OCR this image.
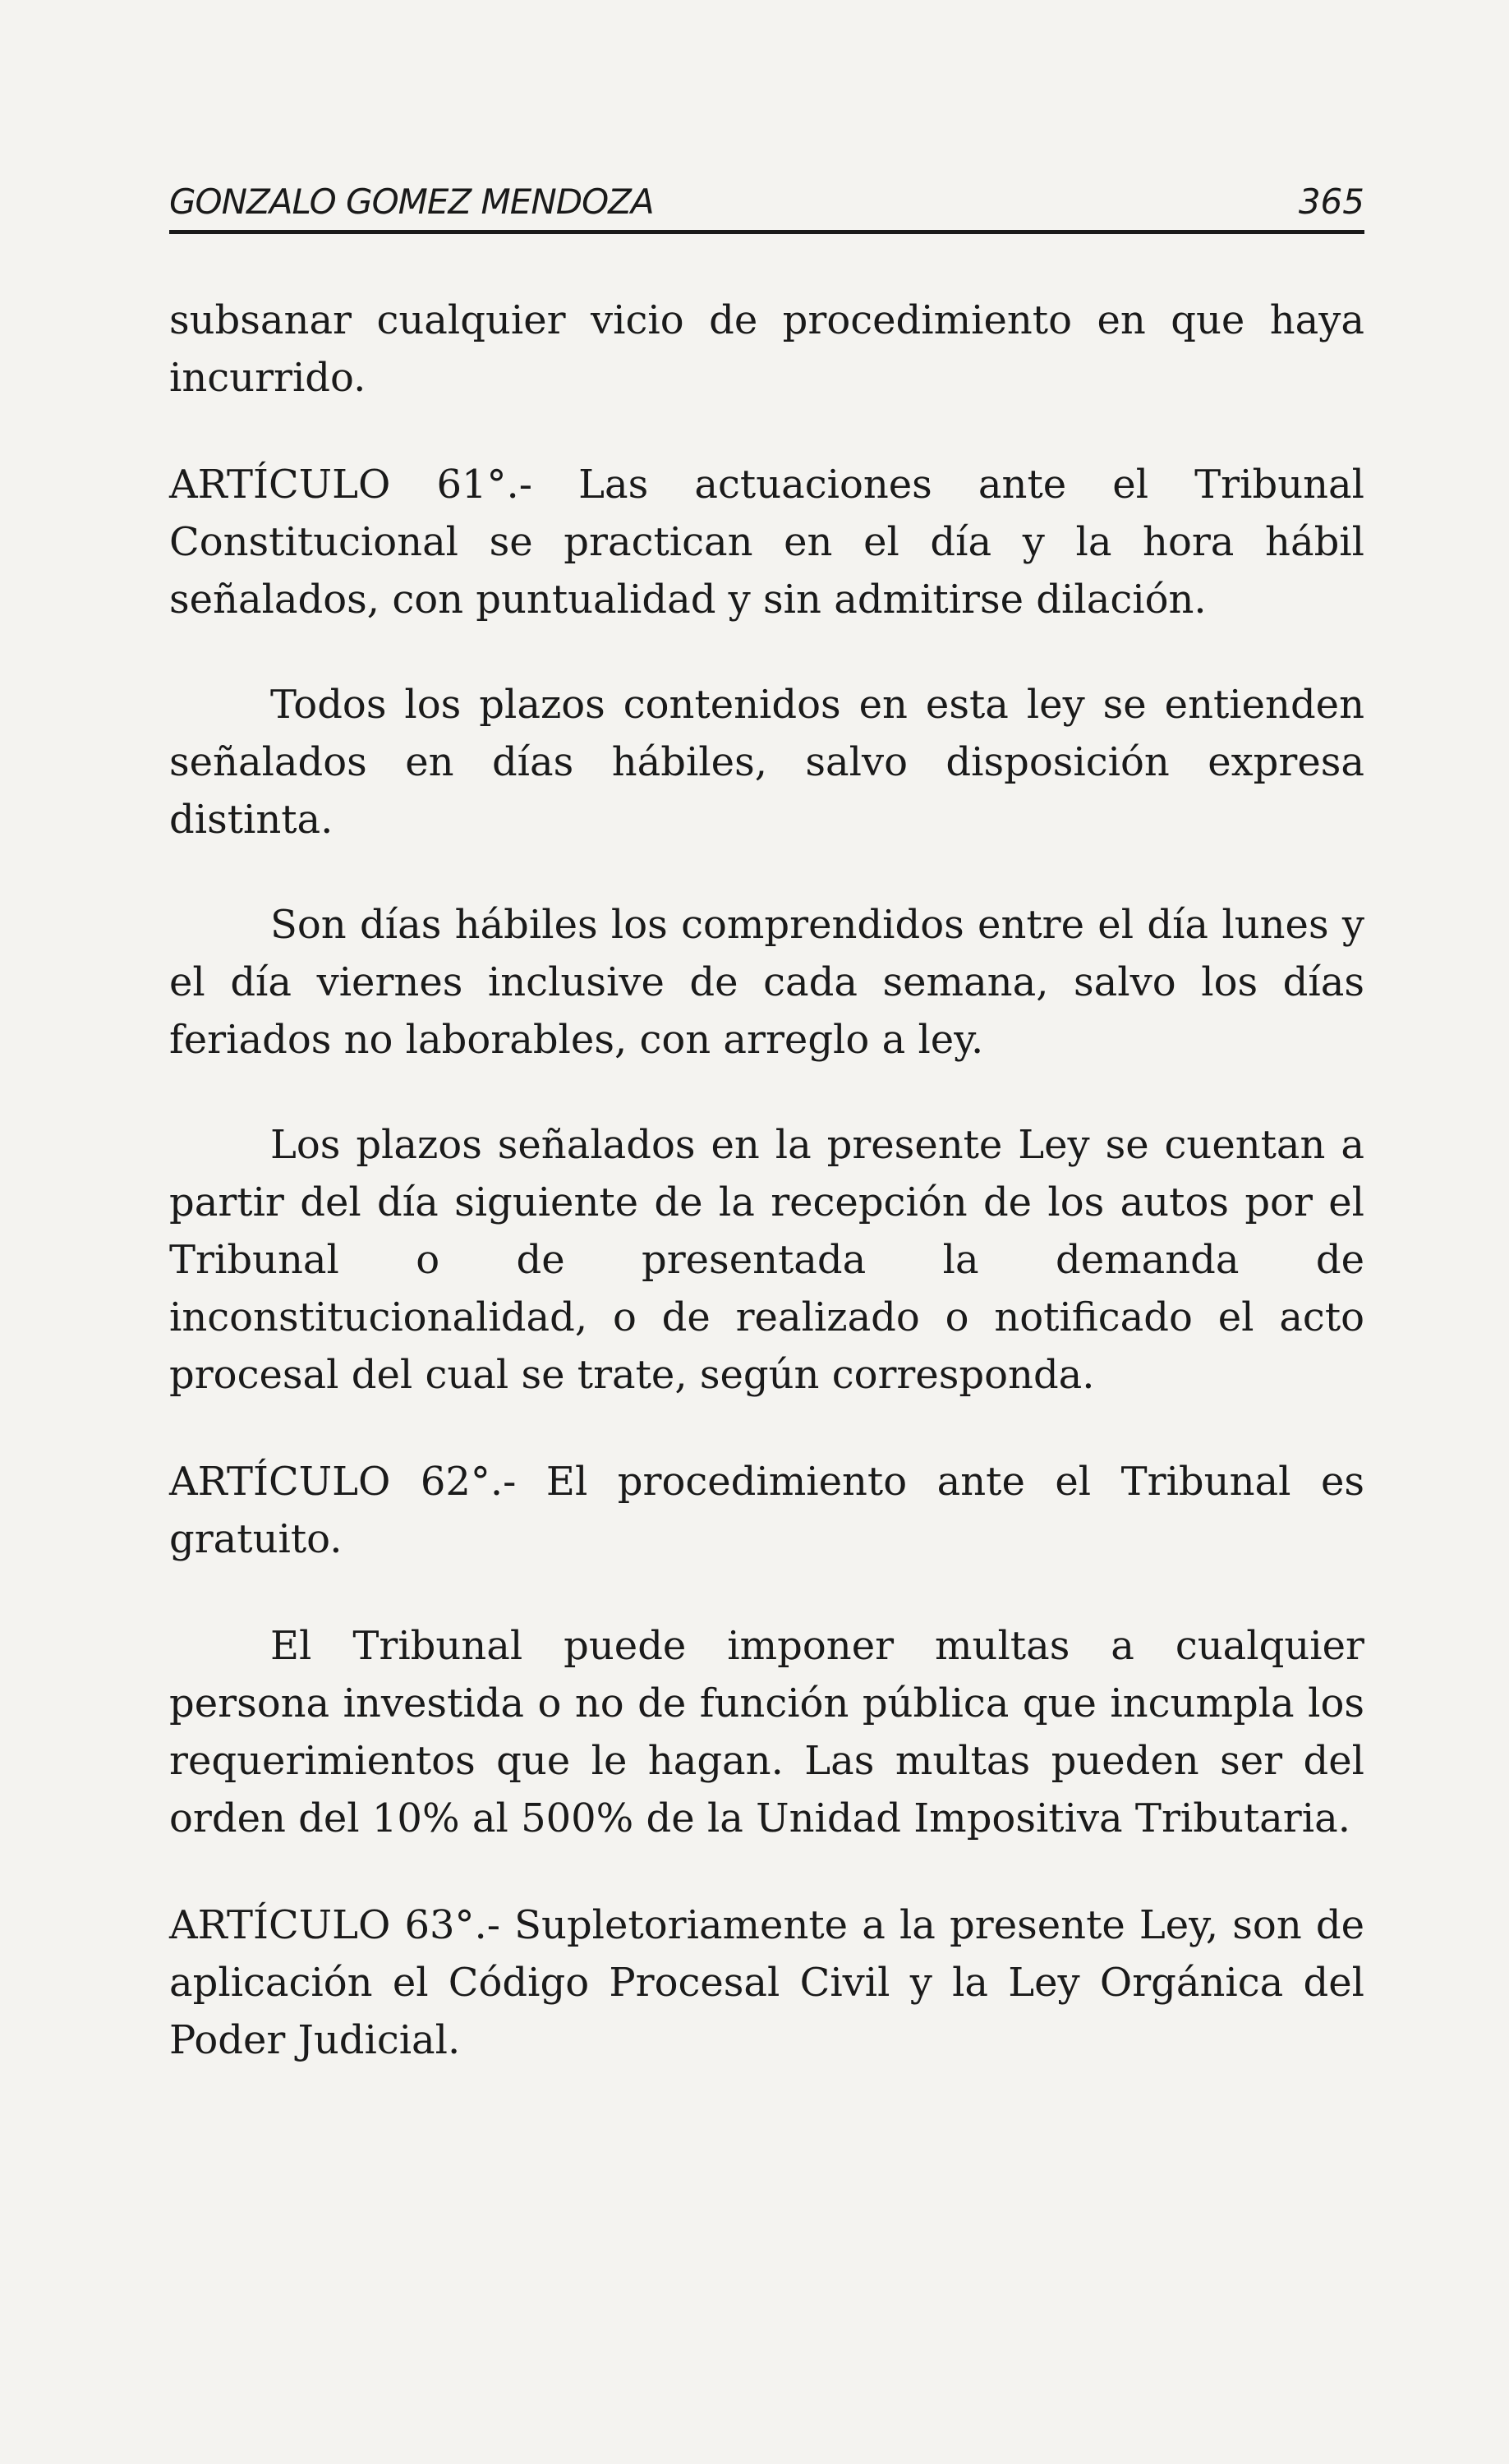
GONZALO GOMEZ MENDOZA	365

subsanar cualquier vicio de procedimiento en que haya incurrido.

ARTÍCULO 61°.- Las actuaciones ante el Tribunal Constitucional se practican en el día y la hora hábil señalados, con puntualidad y sin admitirse dilación.

Todos los plazos contenidos en esta ley se entienden señalados en días hábiles, salvo disposición expresa distinta.

Son días hábiles los comprendidos entre el día lunes y el día viernes inclusive de cada semana, salvo los días feriados no laborables, con arreglo a ley.

Los plazos señalados en la presente Ley se cuentan a partir del día siguiente de la recepción de los autos por el Tribunal o de presentada la demanda de inconstitucionalidad, o de realizado o notificado el acto procesal del cual se trate, según corresponda.

ARTÍCULO 62°.- El procedimiento ante el Tribunal es gratuito.

El Tribunal puede imponer multas a cualquier persona investida o no de función pública que incumpla los requerimientos que le hagan. Las multas pueden ser del orden del 10% al 500% de la Unidad Impositiva Tributaria.

ARTÍCULO 63°.- Supletoriamente a la presente Ley, son de aplicación el Código Procesal Civil y la Ley Orgánica del Poder Judicial.
